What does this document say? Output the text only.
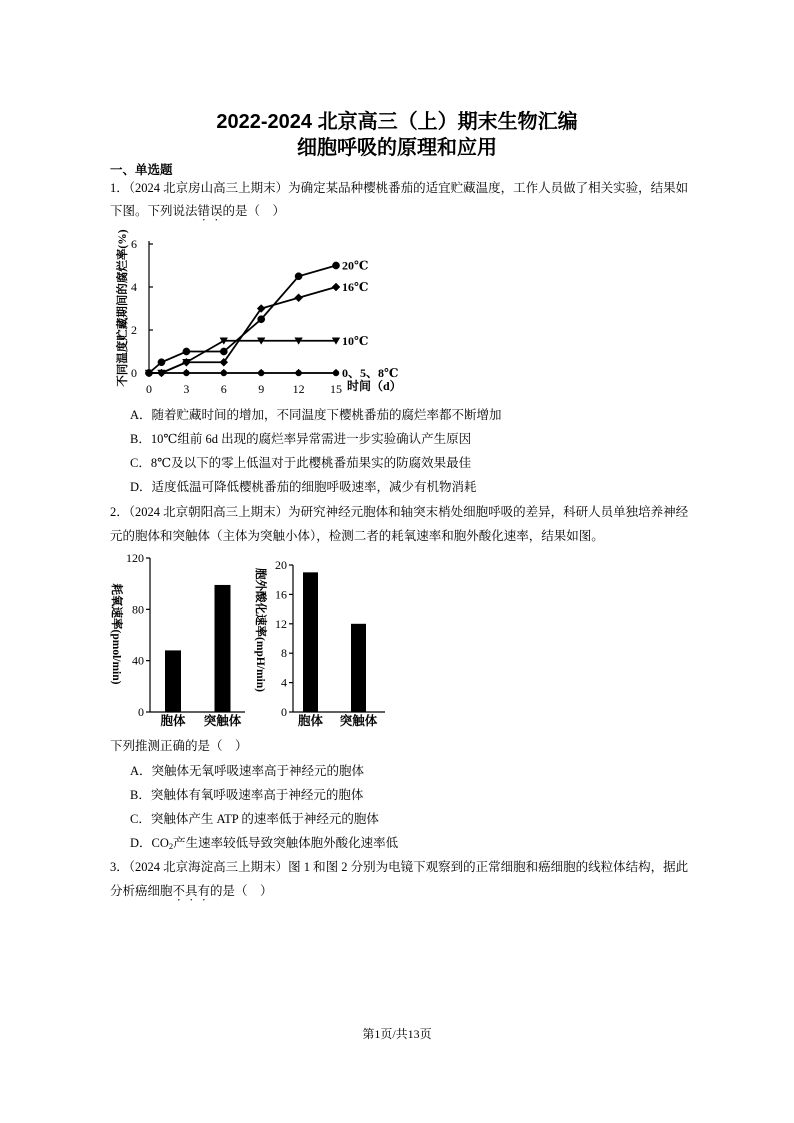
2022-2024 北京高三（上）期末生物汇编
细胞呼吸的原理和应用
一、单选题
1．（2024 北京房山高三上期末）为确定某品种樱桃番茄的适宜贮藏温度，工作人员做了相关实验，结果如
下图。下列说法错误的是（    ）
0
2
4
6
0	3	6	9 12 15
不同温度贮藏期间的腐烂率(%)	20℃
16℃
10℃
0、5、8℃
时间（d）
A．随着贮藏时间的增加，不同温度下樱桃番茄的腐烂率都不断增加
B．10℃组前 6d 出现的腐烂率异常需进一步实验确认产生原因
C．8℃及以下的零上低温对于此樱桃番茄果实的防腐效果最佳
D．适度低温可降低樱桃番茄的细胞呼吸速率，减少有机物消耗
2．（2024 北京朝阳高三上期末）为研究神经元胞体和轴突末梢处细胞呼吸的差异，科研人员单独培养神经
元的胞体和突触体（主体为突触小体），检测二者的耗氧速率和胞外酸化速率，结果如图。
0
40
80
120
胞体 突触体
耗氧速率(pmol/min)
0
4
8
12
16
20
胞体 突触体
胞外酸化速率(mpH/min)
下列推测正确的是（    ）
A．突触体无氧呼吸速率高于神经元的胞体
B．突触体有氧呼吸速率高于神经元的胞体
C．突触体产生 ATP 的速率低于神经元的胞体
D．$CO_2$产生速率较低导致突触体胞外酸化速率低
3．（2024 北京海淀高三上期末）图 1 和图 2 分别为电镜下观察到的正常细胞和癌细胞的线粒体结构，据此
分析癌细胞不具有的是（    ）
第1页/共13页
